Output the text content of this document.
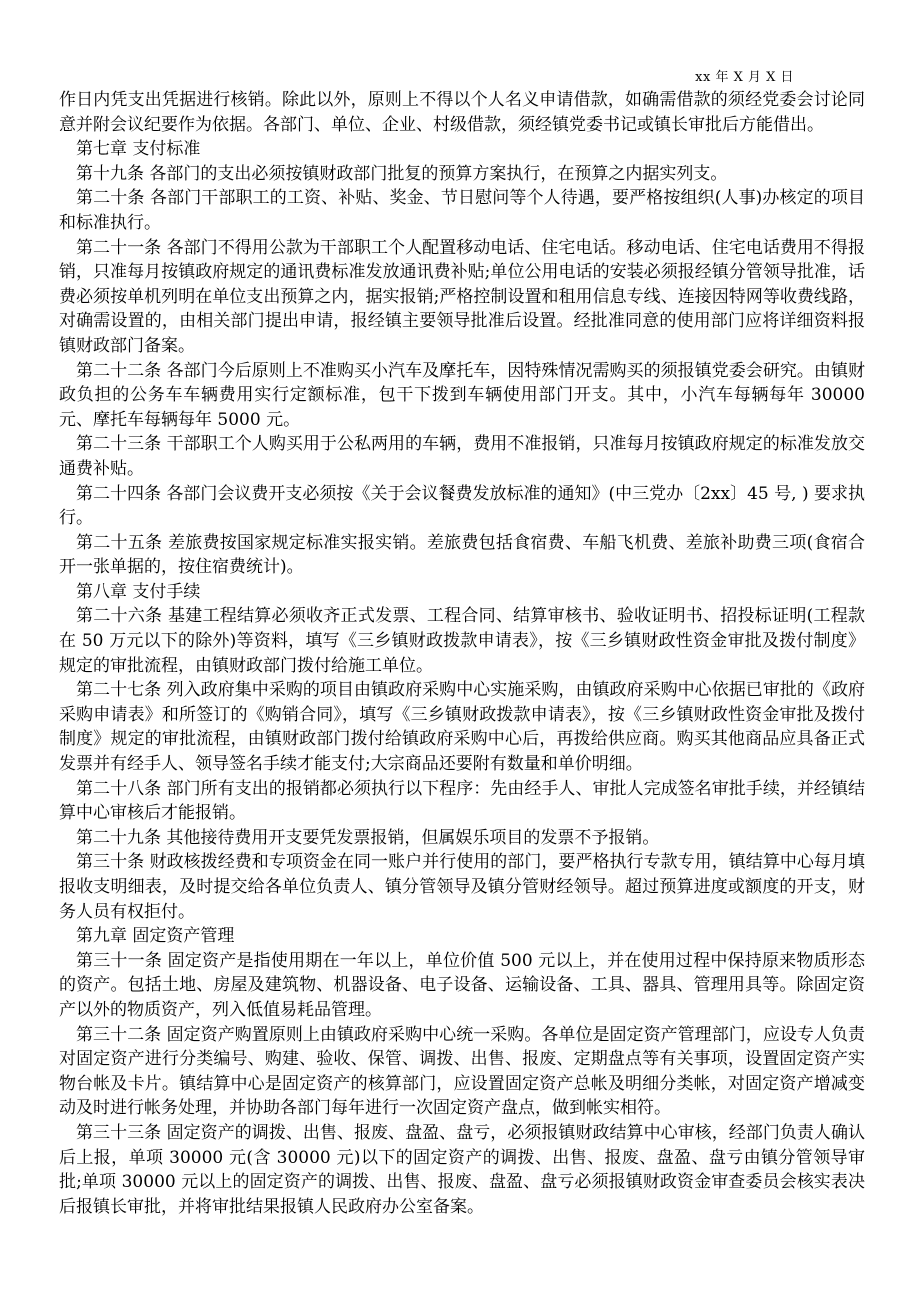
xx 年 X 月 X 日

作日内凭支出凭据进行核销。除此以外，原则上不得以个人名义申请借款，如确需借款的须经党委会讨论同意并附会议纪要作为依据。各部门、单位、企业、村级借款，须经镇党委书记或镇长审批后方能借出。

第七章 支付标准

第十九条 各部门的支出必须按镇财政部门批复的预算方案执行，在预算之内据实列支。

第二十条 各部门干部职工的工资、补贴、奖金、节日慰问等个人待遇，要严格按组织(人事)办核定的项目和标准执行。

第二十一条 各部门不得用公款为干部职工个人配置移动电话、住宅电话。移动电话、住宅电话费用不得报销，只准每月按镇政府规定的通讯费标准发放通讯费补贴;单位公用电话的安装必须报经镇分管领导批准，话费必须按单机列明在单位支出预算之内，据实报销;严格控制设置和租用信息专线、连接因特网等收费线路，对确需设置的，由相关部门提出申请，报经镇主要领导批准后设置。经批准同意的使用部门应将详细资料报镇财政部门备案。

第二十二条 各部门今后原则上不准购买小汽车及摩托车，因特殊情况需购买的须报镇党委会研究。由镇财政负担的公务车车辆费用实行定额标准，包干下拨到车辆使用部门开支。其中，小汽车每辆每年 30000 元、摩托车每辆每年 5000 元。

第二十三条 干部职工个人购买用于公私两用的车辆，费用不准报销，只准每月按镇政府规定的标准发放交通费补贴。

第二十四条 各部门会议费开支必须按《关于会议餐费发放标准的通知》(中三党办〔2xx〕45 号, ) 要求执行。

第二十五条 差旅费按国家规定标准实报实销。差旅费包括食宿费、车船飞机费、差旅补助费三项(食宿合开一张单据的，按住宿费统计)。

第八章 支付手续

第二十六条 基建工程结算必须收齐正式发票、工程合同、结算审核书、验收证明书、招投标证明(工程款在 50 万元以下的除外)等资料，填写《三乡镇财政拨款申请表》，按《三乡镇财政性资金审批及拨付制度》规定的审批流程，由镇财政部门拨付给施工单位。

第二十七条 列入政府集中采购的项目由镇政府采购中心实施采购，由镇政府采购中心依据已审批的《政府采购申请表》和所签订的《购销合同》，填写《三乡镇财政拨款申请表》，按《三乡镇财政性资金审批及拨付制度》规定的审批流程，由镇财政部门拨付给镇政府采购中心后，再拨给供应商。购买其他商品应具备正式发票并有经手人、领导签名手续才能支付;大宗商品还要附有数量和单价明细。

第二十八条 部门所有支出的报销都必须执行以下程序：先由经手人、审批人完成签名审批手续，并经镇结算中心审核后才能报销。

第二十九条 其他接待费用开支要凭发票报销，但属娱乐项目的发票不予报销。

第三十条 财政核拨经费和专项资金在同一账户并行使用的部门，要严格执行专款专用，镇结算中心每月填报收支明细表，及时提交给各单位负责人、镇分管领导及镇分管财经领导。超过预算进度或额度的开支，财务人员有权拒付。

第九章 固定资产管理

第三十一条 固定资产是指使用期在一年以上，单位价值 500 元以上，并在使用过程中保持原来物质形态的资产。包括土地、房屋及建筑物、机器设备、电子设备、运输设备、工具、器具、管理用具等。除固定资产以外的物质资产，列入低值易耗品管理。

第三十二条 固定资产购置原则上由镇政府采购中心统一采购。各单位是固定资产管理部门，应设专人负责对固定资产进行分类编号、购建、验收、保管、调拨、出售、报废、定期盘点等有关事项，设置固定资产实物台帐及卡片。镇结算中心是固定资产的核算部门，应设置固定资产总帐及明细分类帐，对固定资产增减变动及时进行帐务处理，并协助各部门每年进行一次固定资产盘点，做到帐实相符。

第三十三条 固定资产的调拨、出售、报废、盘盈、盘亏，必须报镇财政结算中心审核，经部门负责人确认后上报，单项 30000 元(含 30000 元)以下的固定资产的调拨、出售、报废、盘盈、盘亏由镇分管领导审批;单项 30000 元以上的固定资产的调拨、出售、报废、盘盈、盘亏必须报镇财政资金审查委员会核实表决后报镇长审批，并将审批结果报镇人民政府办公室备案。
